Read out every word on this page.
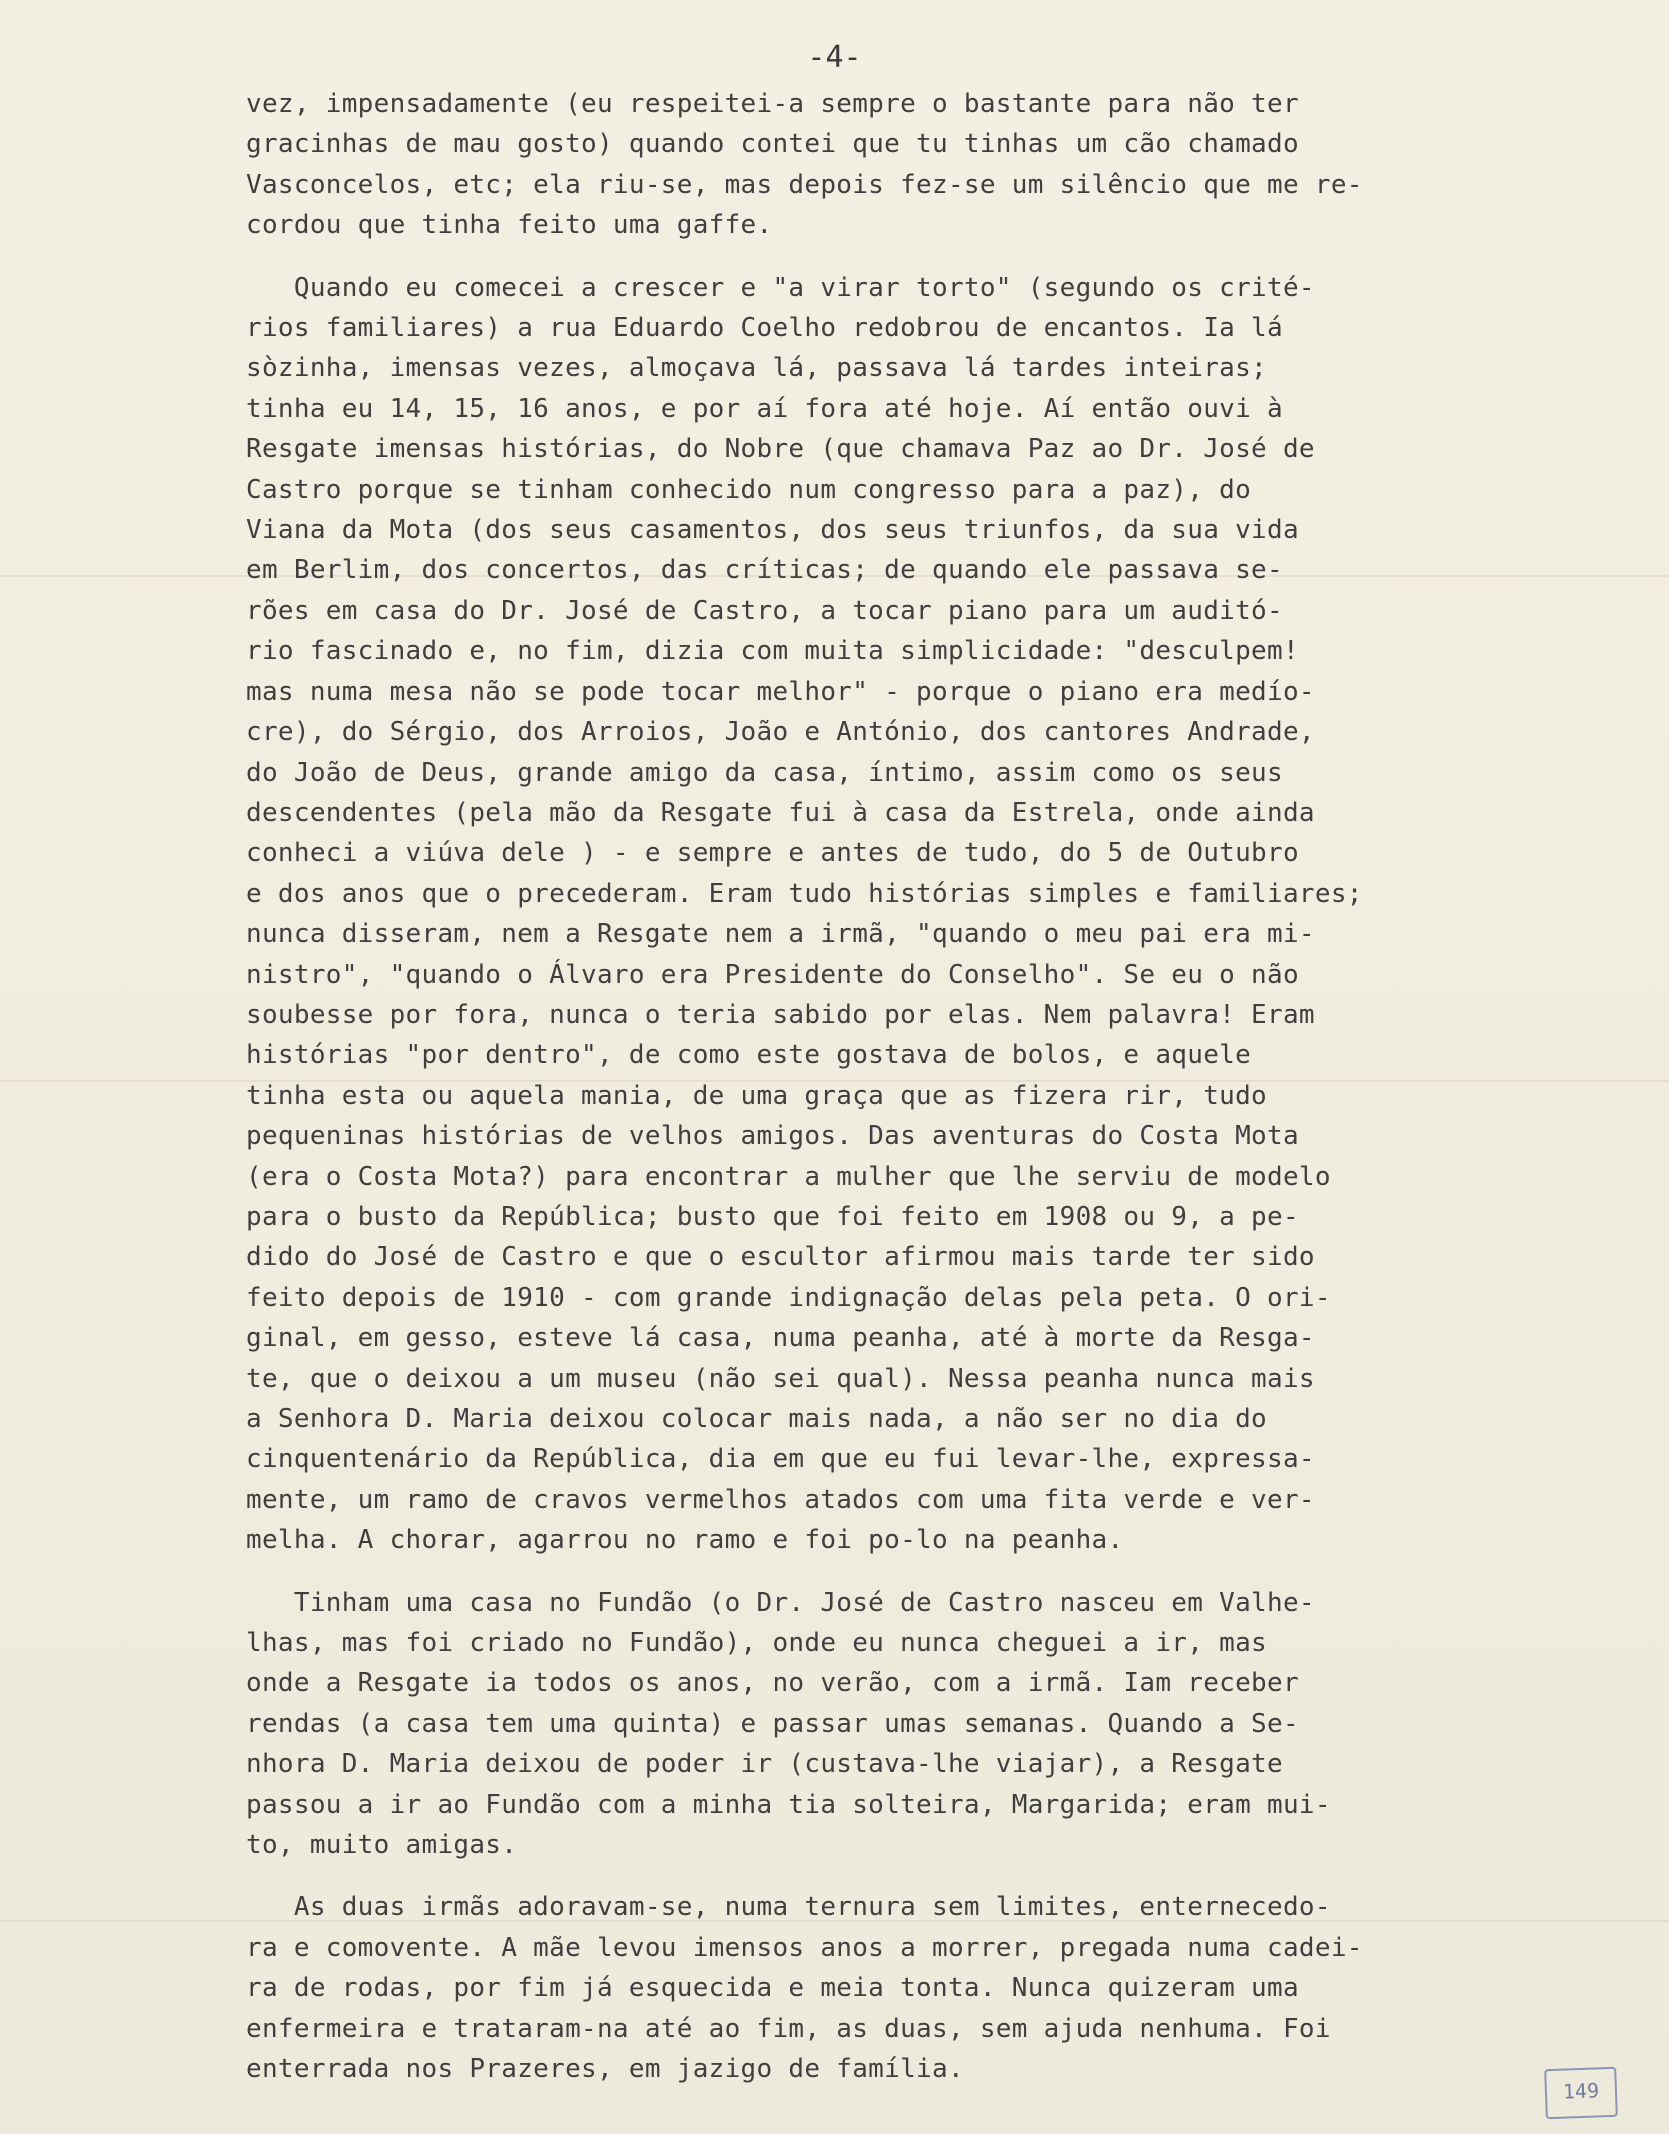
-4-
vez, impensadamente (eu respeitei-a sempre o bastante para não ter
gracinhas de mau gosto) quando contei que tu tinhas um cão chamado
Vasconcelos, etc; ela riu-se, mas depois fez-se um silêncio que me re-
cordou que tinha feito uma gaffe.
Quando eu comecei a crescer e "a virar torto" (segundo os crité-
rios familiares) a rua Eduardo Coelho redobrou de encantos. Ia lá
sòzinha, imensas vezes, almoçava lá, passava lá tardes inteiras;
tinha eu 14, 15, 16 anos, e por aí fora até hoje. Aí então ouvi à
Resgate imensas histórias, do Nobre (que chamava Paz ao Dr. José de
Castro porque se tinham conhecido num congresso para a paz), do
Viana da Mota (dos seus casamentos, dos seus triunfos, da sua vida
em Berlim, dos concertos, das críticas; de quando ele passava se-
rões em casa do Dr. José de Castro, a tocar piano para um auditó-
rio fascinado e, no fim, dizia com muita simplicidade: "desculpem!
mas numa mesa não se pode tocar melhor" - porque o piano era medío-
cre), do Sérgio, dos Arroios, João e António, dos cantores Andrade,
do João de Deus, grande amigo da casa, íntimo, assim como os seus
descendentes (pela mão da Resgate fui à casa da Estrela, onde ainda
conheci a viúva dele ) - e sempre e antes de tudo, do 5 de Outubro
e dos anos que o precederam. Eram tudo histórias simples e familiares;
nunca disseram, nem a Resgate nem a irmã, "quando o meu pai era mi-
nistro", "quando o Álvaro era Presidente do Conselho". Se eu o não
soubesse por fora, nunca o teria sabido por elas. Nem palavra! Eram
histórias "por dentro", de como este gostava de bolos, e aquele
tinha esta ou aquela mania, de uma graça que as fizera rir, tudo
pequeninas histórias de velhos amigos. Das aventuras do Costa Mota
(era o Costa Mota?) para encontrar a mulher que lhe serviu de modelo
para o busto da República; busto que foi feito em 1908 ou 9, a pe-
dido do José de Castro e que o escultor afirmou mais tarde ter sido
feito depois de 1910 - com grande indignação delas pela peta. O ori-
ginal, em gesso, esteve lá casa, numa peanha, até à morte da Resga-
te, que o deixou a um museu (não sei qual). Nessa peanha nunca mais
a Senhora D. Maria deixou colocar mais nada, a não ser no dia do
cinquentenário da República, dia em que eu fui levar-lhe, expressa-
mente, um ramo de cravos vermelhos atados com uma fita verde e ver-
melha. A chorar, agarrou no ramo e foi po-lo na peanha.
Tinham uma casa no Fundão (o Dr. José de Castro nasceu em Valhe-
lhas, mas foi criado no Fundão), onde eu nunca cheguei a ir, mas
onde a Resgate ia todos os anos, no verão, com a irmã. Iam receber
rendas (a casa tem uma quinta) e passar umas semanas. Quando a Se-
nhora D. Maria deixou de poder ir (custava-lhe viajar), a Resgate
passou a ir ao Fundão com a minha tia solteira, Margarida; eram mui-
to, muito amigas.
As duas irmãs adoravam-se, numa ternura sem limites, enternecedo-
ra e comovente. A mãe levou imensos anos a morrer, pregada numa cadei-
ra de rodas, por fim já esquecida e meia tonta. Nunca quizeram uma
enfermeira e trataram-na até ao fim, as duas, sem ajuda nenhuma. Foi
enterrada nos Prazeres, em jazigo de família.
149
